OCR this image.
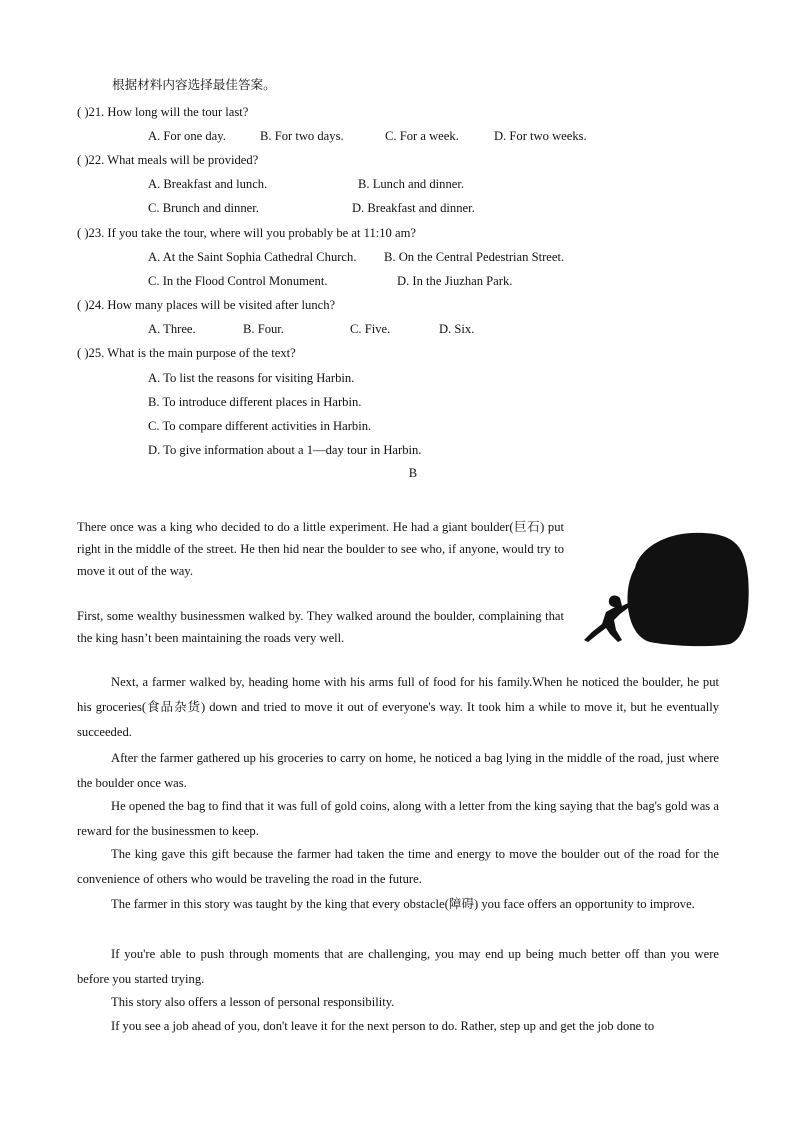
根据材料内容选择最佳答案。
( )21. How long will the tour last?
A. For one day.	B. For two days.	C. For a week.	D. For two weeks.
( )22. What meals will be provided?
A. Breakfast and lunch.	B. Lunch and dinner.
C. Brunch and dinner.	D. Breakfast and dinner.
( )23. If you take the tour, where will you probably be at 11:10 am?
A. At the Saint Sophia Cathedral Church. B. On the Central Pedestrian Street.
C. In the Flood Control Monument.	D. In the Jiuzhan Park.
( )24. How many places will be visited after lunch?
A. Three.	B. Four.	C. Five.	D. Six.
( )25. What is the main purpose of the text?
A. To list the reasons for visiting Harbin.
B. To introduce different places in Harbin.
C. To compare different activities in Harbin.
D. To give information about a 1—day tour in Harbin.
B
There once was a king who decided to do a little experiment. He had a giant boulder(巨石) put right in the middle of the street. He then hid near the boulder to see who, if anyone, would try to move it out of the way.
First, some wealthy businessmen walked by. They walked around the boulder, complaining that the king hasn’t been maintaining the roads very well.
Next, a farmer walked by, heading home with his arms full of food for his family.When he noticed the boulder, he put his groceries(食品杂货) down and tried to move it out of everyone's way. It took him a while to move it, but he eventually succeeded.
After the farmer gathered up his groceries to carry on home, he noticed a bag lying in the middle of the road, just where the boulder once was.
He opened the bag to find that it was full of gold coins, along with a letter from the king saying that the bag's gold was a reward for the businessmen to keep.
The king gave this gift because the farmer had taken the time and energy to move the boulder out of the road for the convenience of others who would be traveling the road in the future.
The farmer in this story was taught by the king that every obstacle(障碍) you face offers an opportunity to improve.
If you're able to push through moments that are challenging, you may end up being much better off than you were before you started trying.
This story also offers a lesson of personal responsibility.
If you see a job ahead of you, don't leave it for the next person to do. Rather, step up and get the job done to
